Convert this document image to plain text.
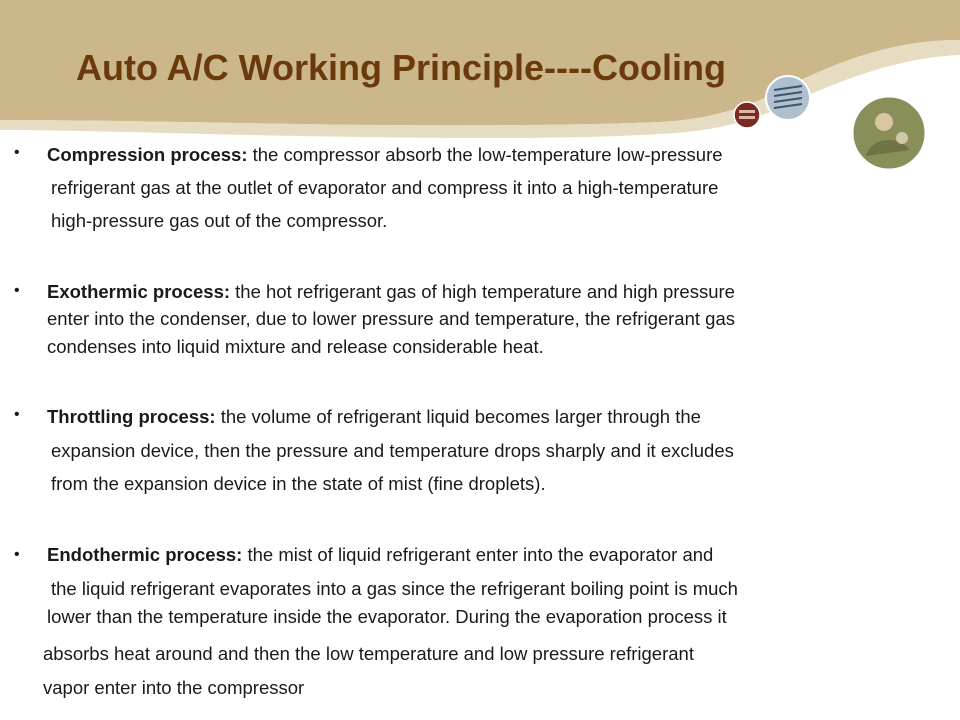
Auto A/C Working Principle----Cooling
• Compression process: the compressor absorb the low-temperature low-pressure
refrigerant gas at the outlet of evaporator and compress it into a high-temperature
high-pressure gas out of the compressor.
• Exothermic process: the hot refrigerant gas of high temperature and high pressure
enter into the condenser, due to lower pressure and temperature, the refrigerant gas
condenses into liquid mixture and release considerable heat.
• Throttling process: the volume of refrigerant liquid becomes larger through the
expansion device, then the pressure and temperature drops sharply and it excludes
from the expansion device in the state of mist (fine droplets).
• Endothermic process: the mist of liquid refrigerant enter into the evaporator and
the liquid refrigerant evaporates into a gas since the refrigerant boiling point is much
lower than the temperature inside the evaporator. During the evaporation process it
absorbs heat around and then the low temperature and low pressure refrigerant
vapor enter into the compressor
